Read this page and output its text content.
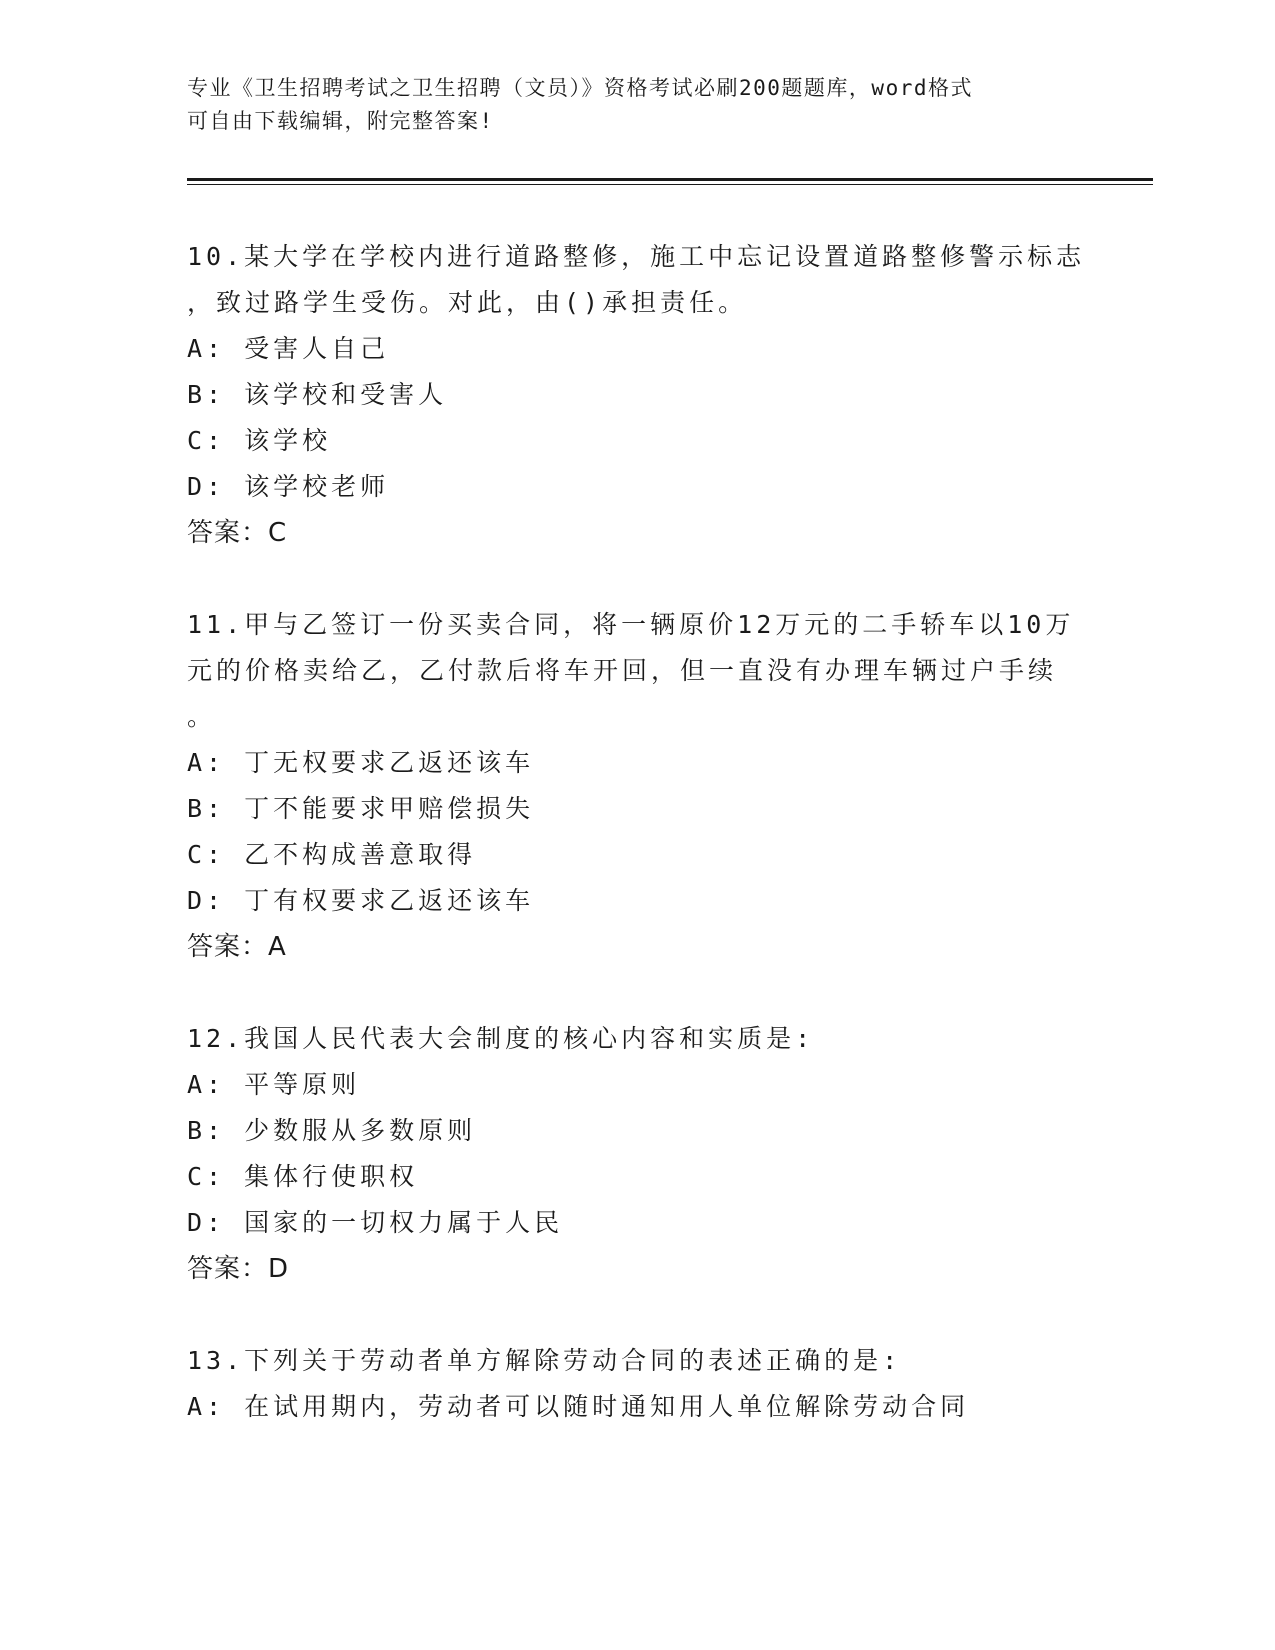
专业《卫生招聘考试之卫生招聘（文员）》资格考试必刷200题题库，word格式
可自由下载编辑，附完整答案!

10.某大学在学校内进行道路整修，施工中忘记设置道路整修警示标志

，致过路学生受伤。对此，由()承担责任。

A: 受害人自己

B: 该学校和受害人

C: 该学校

D: 该学校老师

答案：C

11.甲与乙签订一份买卖合同，将一辆原价12万元的二手轿车以10万

元的价格卖给乙，乙付款后将车开回，但一直没有办理车辆过户手续

。

A: 丁无权要求乙返还该车

B: 丁不能要求甲赔偿损失

C: 乙不构成善意取得

D: 丁有权要求乙返还该车

答案：A

12.我国人民代表大会制度的核心内容和实质是:

A: 平等原则

B: 少数服从多数原则

C: 集体行使职权

D: 国家的一切权力属于人民

答案：D

13.下列关于劳动者单方解除劳动合同的表述正确的是:

A: 在试用期内，劳动者可以随时通知用人单位解除劳动合同
